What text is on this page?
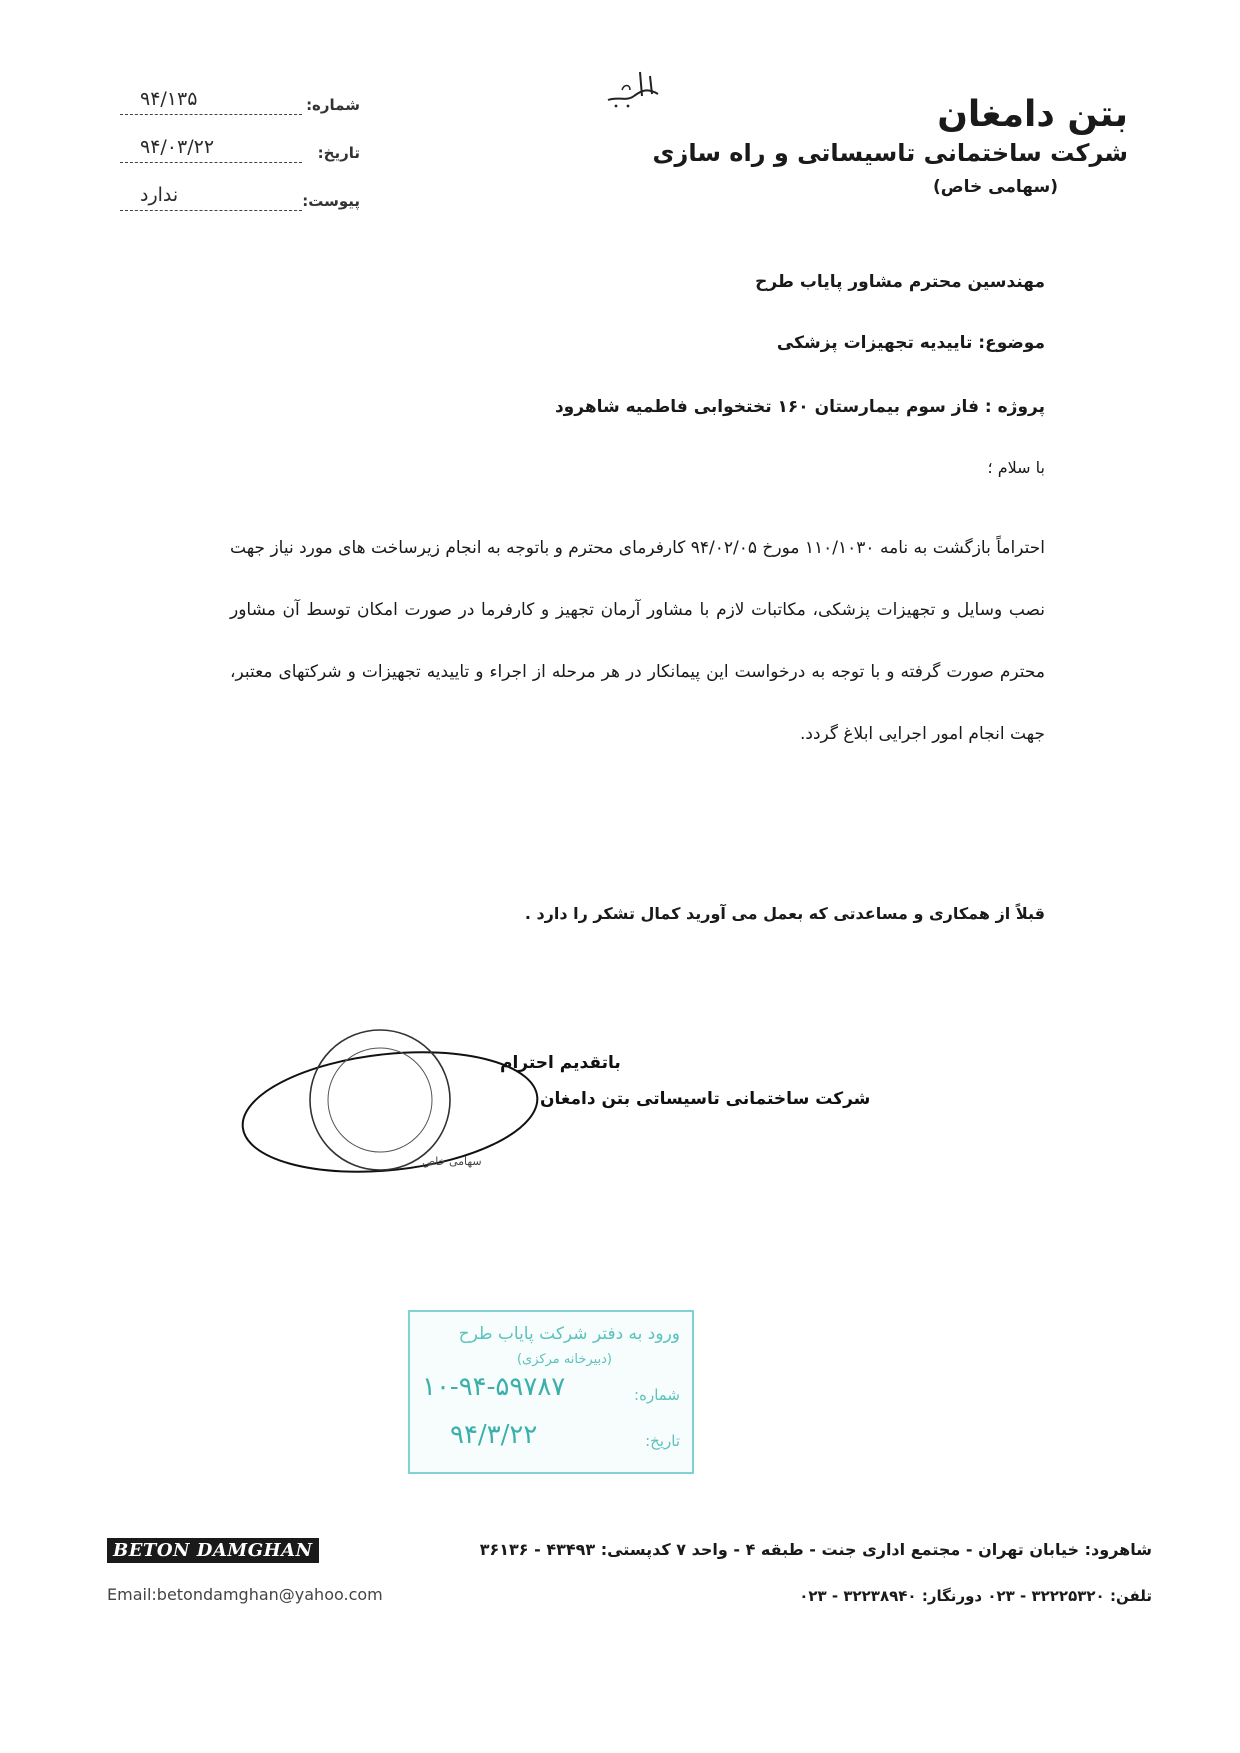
شماره:
۹۴/۱۳۵
تاریخ:
۹۴/۰۳/۲۲
پیوست:
ندارد
بتن دامغان
شرکت ساختمانی تاسیساتی و راه سازی
(سهامی خاص)
مهندسین محترم مشاور پایاب طرح
موضوع: تاییدیه تجهیزات پزشکی
پروژه : فاز سوم بیمارستان ۱۶۰ تختخوابی فاطمیه شاهرود
با سلام ؛
احتراماً بازگشت به نامه ۱۱۰/۱۰۳۰ مورخ ۹۴/۰۲/۰۵ کارفرمای محترم و باتوجه به انجام زیرساخت های مورد نیاز جهت نصب وسایل و تجهیزات پزشکی، مکاتبات لازم با مشاور آرمان تجهیز و کارفرما در صورت امکان توسط آن مشاور محترم صورت گرفته و با توجه به درخواست این پیمانکار در هر مرحله از اجراء و تاییدیه تجهیزات و شرکتهای معتبر، جهت انجام امور اجرایی ابلاغ گردد.
قبلاً از همکاری و مساعدتی که بعمل می آورید کمال تشکر را دارد .
باتقدیم احترام
شرکت ساختمانی تاسیساتی بتن دامغان
سهامی خاص
ورود به دفتر شرکت پایاب طرح
(دبیرخانه مرکزی)
شماره:
۱۰-۹۴-۵۹۷۸۷
تاریخ:
۹۴/۳/۲۲
BETON DAMGHAN
Email:betondamghan@yahoo.com
شاهرود: خیابان تهران - مجتمع اداری جنت - طبقه ۴ - واحد ۷ کدپستی: ۴۳۴۹۳ - ۳۶۱۳۶
تلفن: ۳۲۲۲۵۳۲۰ - ۰۲۳ دورنگار: ۳۲۲۳۸۹۴۰ - ۰۲۳
